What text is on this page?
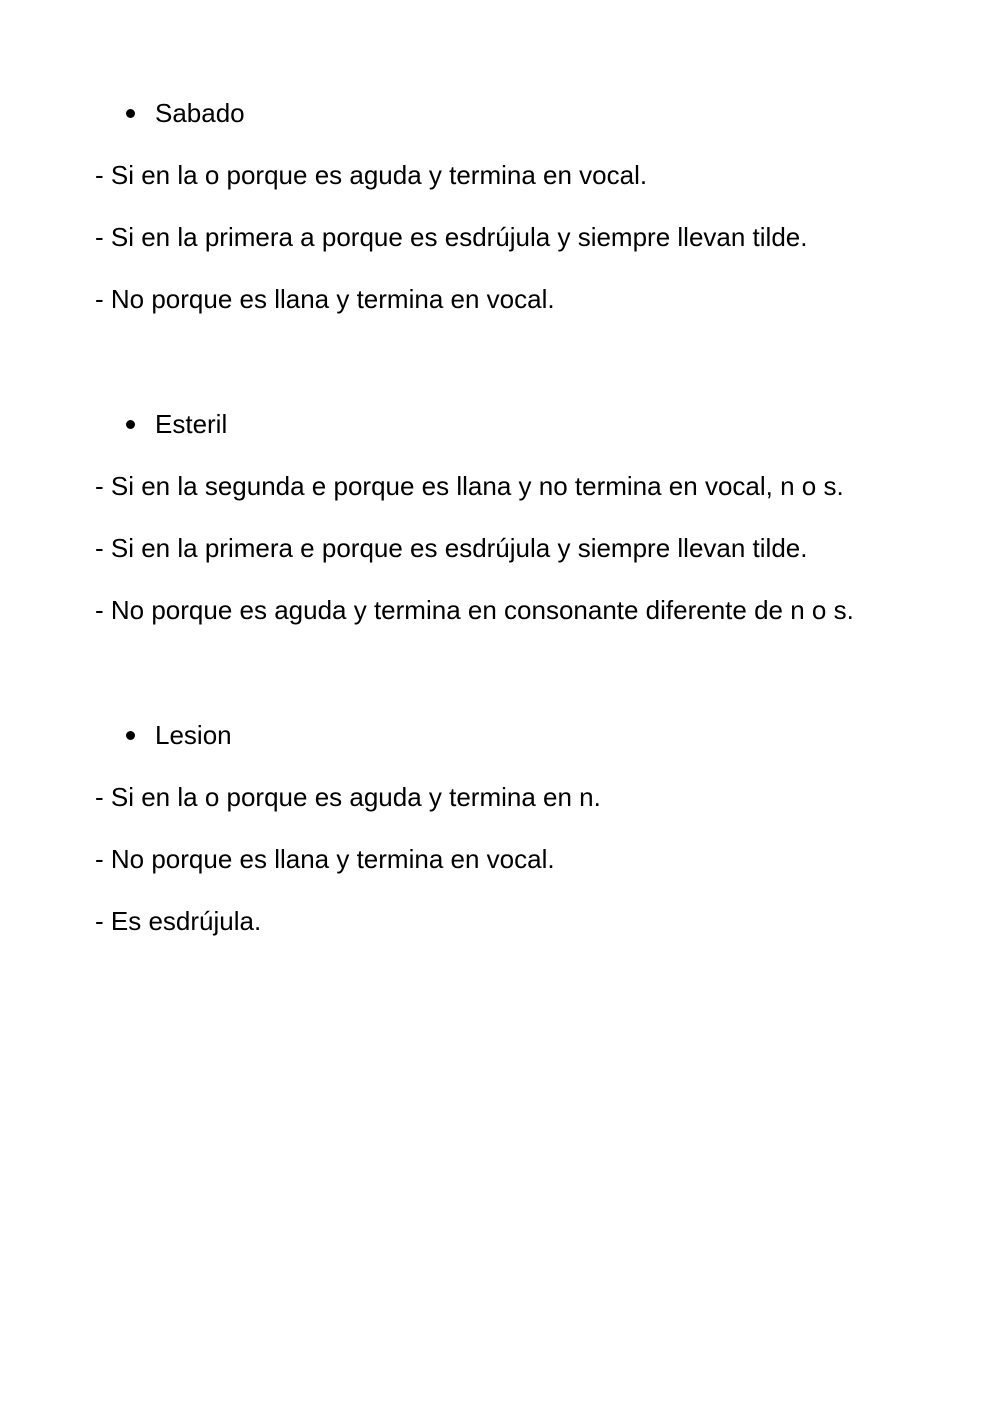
Sabado
- Si en la o porque es aguda y termina en vocal.
- Si en la primera a porque es esdrújula y siempre llevan tilde.
- No porque es llana y termina en vocal.
Esteril
- Si en la segunda e porque es llana y no termina en vocal, n o s.
- Si en la primera e porque es esdrújula y siempre llevan tilde.
- No porque es aguda y termina en consonante diferente de n o s.
Lesion
- Si en la o porque es aguda y termina en n.
- No porque es llana y termina en vocal.
- Es esdrújula.
